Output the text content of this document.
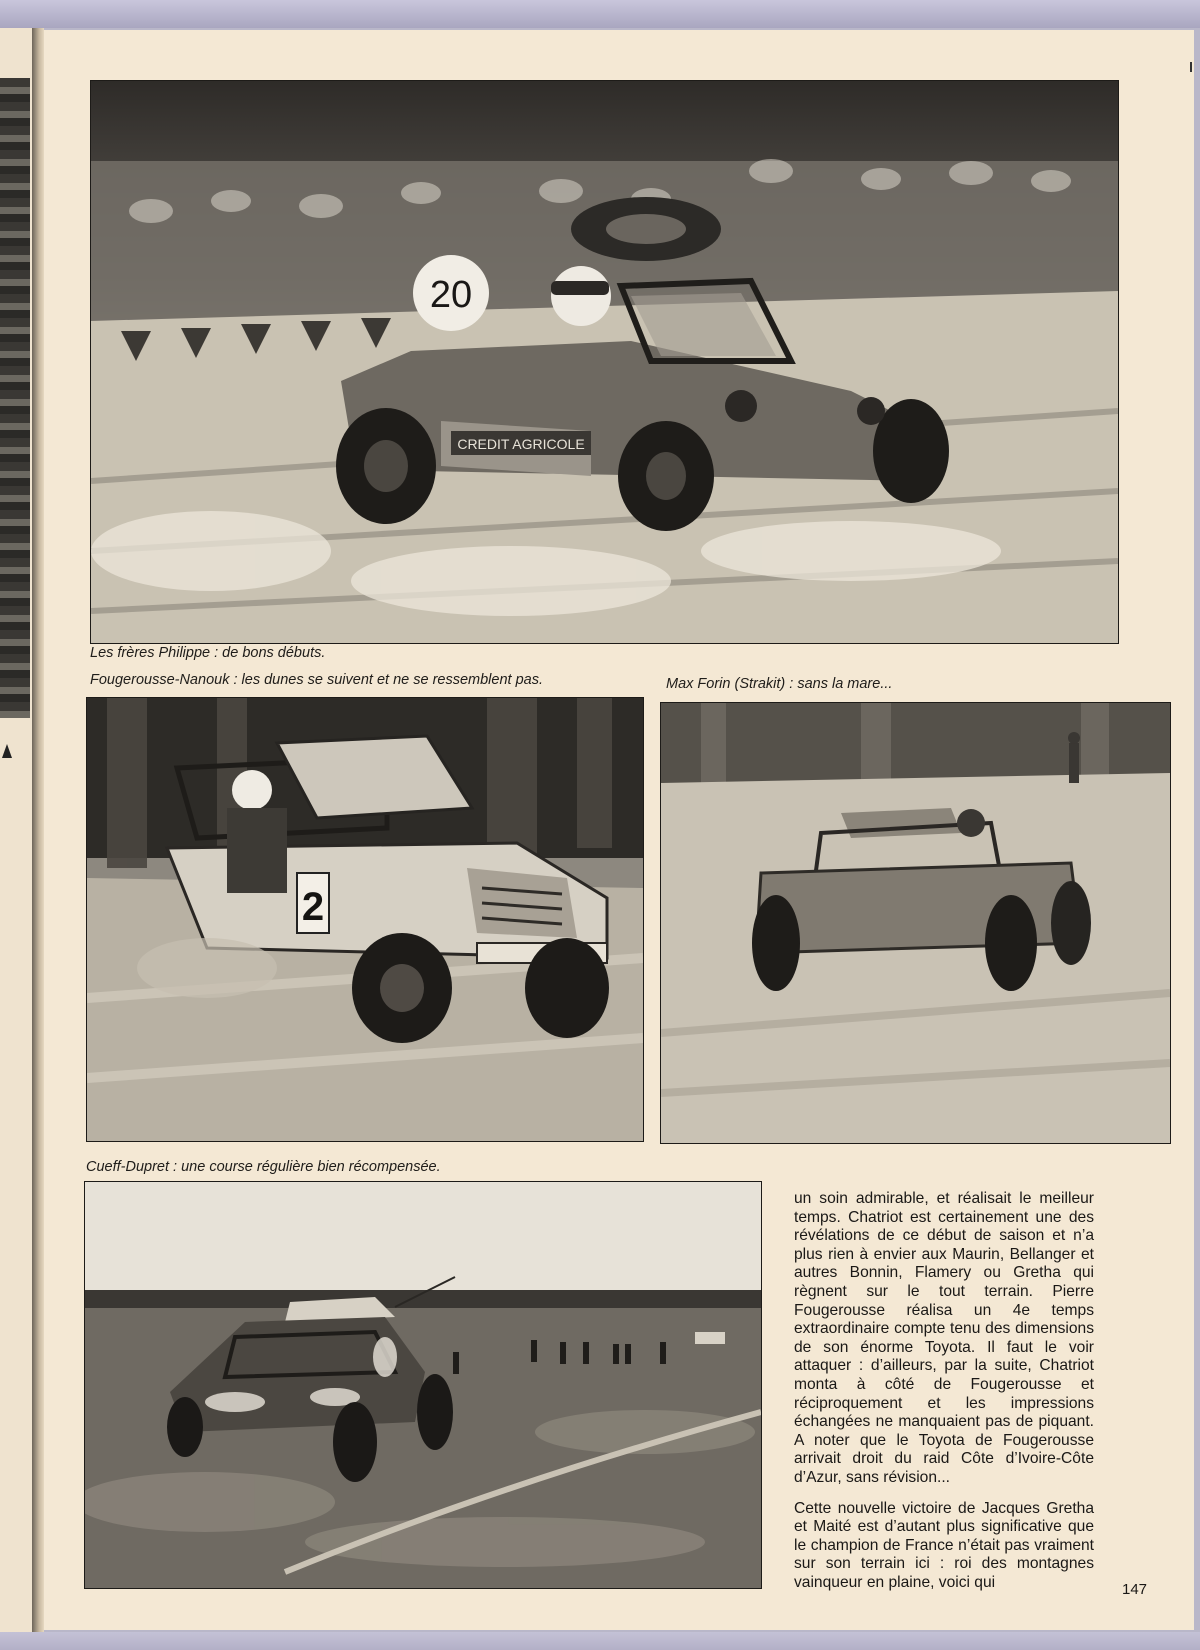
CREDIT AGRICOLE
20
Les frères Philippe : de bons débuts.
Fougerousse-Nanouk : les dunes se suivent et ne se ressemblent pas.	Max Forin (Strakit) : sans la mare...
2
Cueff-Dupret : une course régulière bien récompensée.

un soin admirable, et réalisait le meilleur temps. Chatriot est certainement une des révélations de ce début de saison et n’a plus rien à envier aux Maurin, Bellanger et autres Bonnin, Flamery ou Gretha qui règnent sur le tout terrain. Pierre Fougerousse réalisa un 4e temps extraordinaire compte tenu des dimensions de son énorme Toyota. Il faut le voir attaquer : d’ailleurs, par la suite, Chatriot monta à côté de Fougerousse et réciproquement et les impressions échangées ne manquaient pas de piquant. A noter que le Toyota de Fougerousse arrivait droit du raid Côte d’Ivoire-Côte d’Azur, sans révision...

Cette nouvelle victoire de Jacques Gretha et Maité est d’autant plus significative que le champion de France n’était pas vraiment sur son terrain ici : roi des montagnes vainqueur en plaine, voici qui	147
